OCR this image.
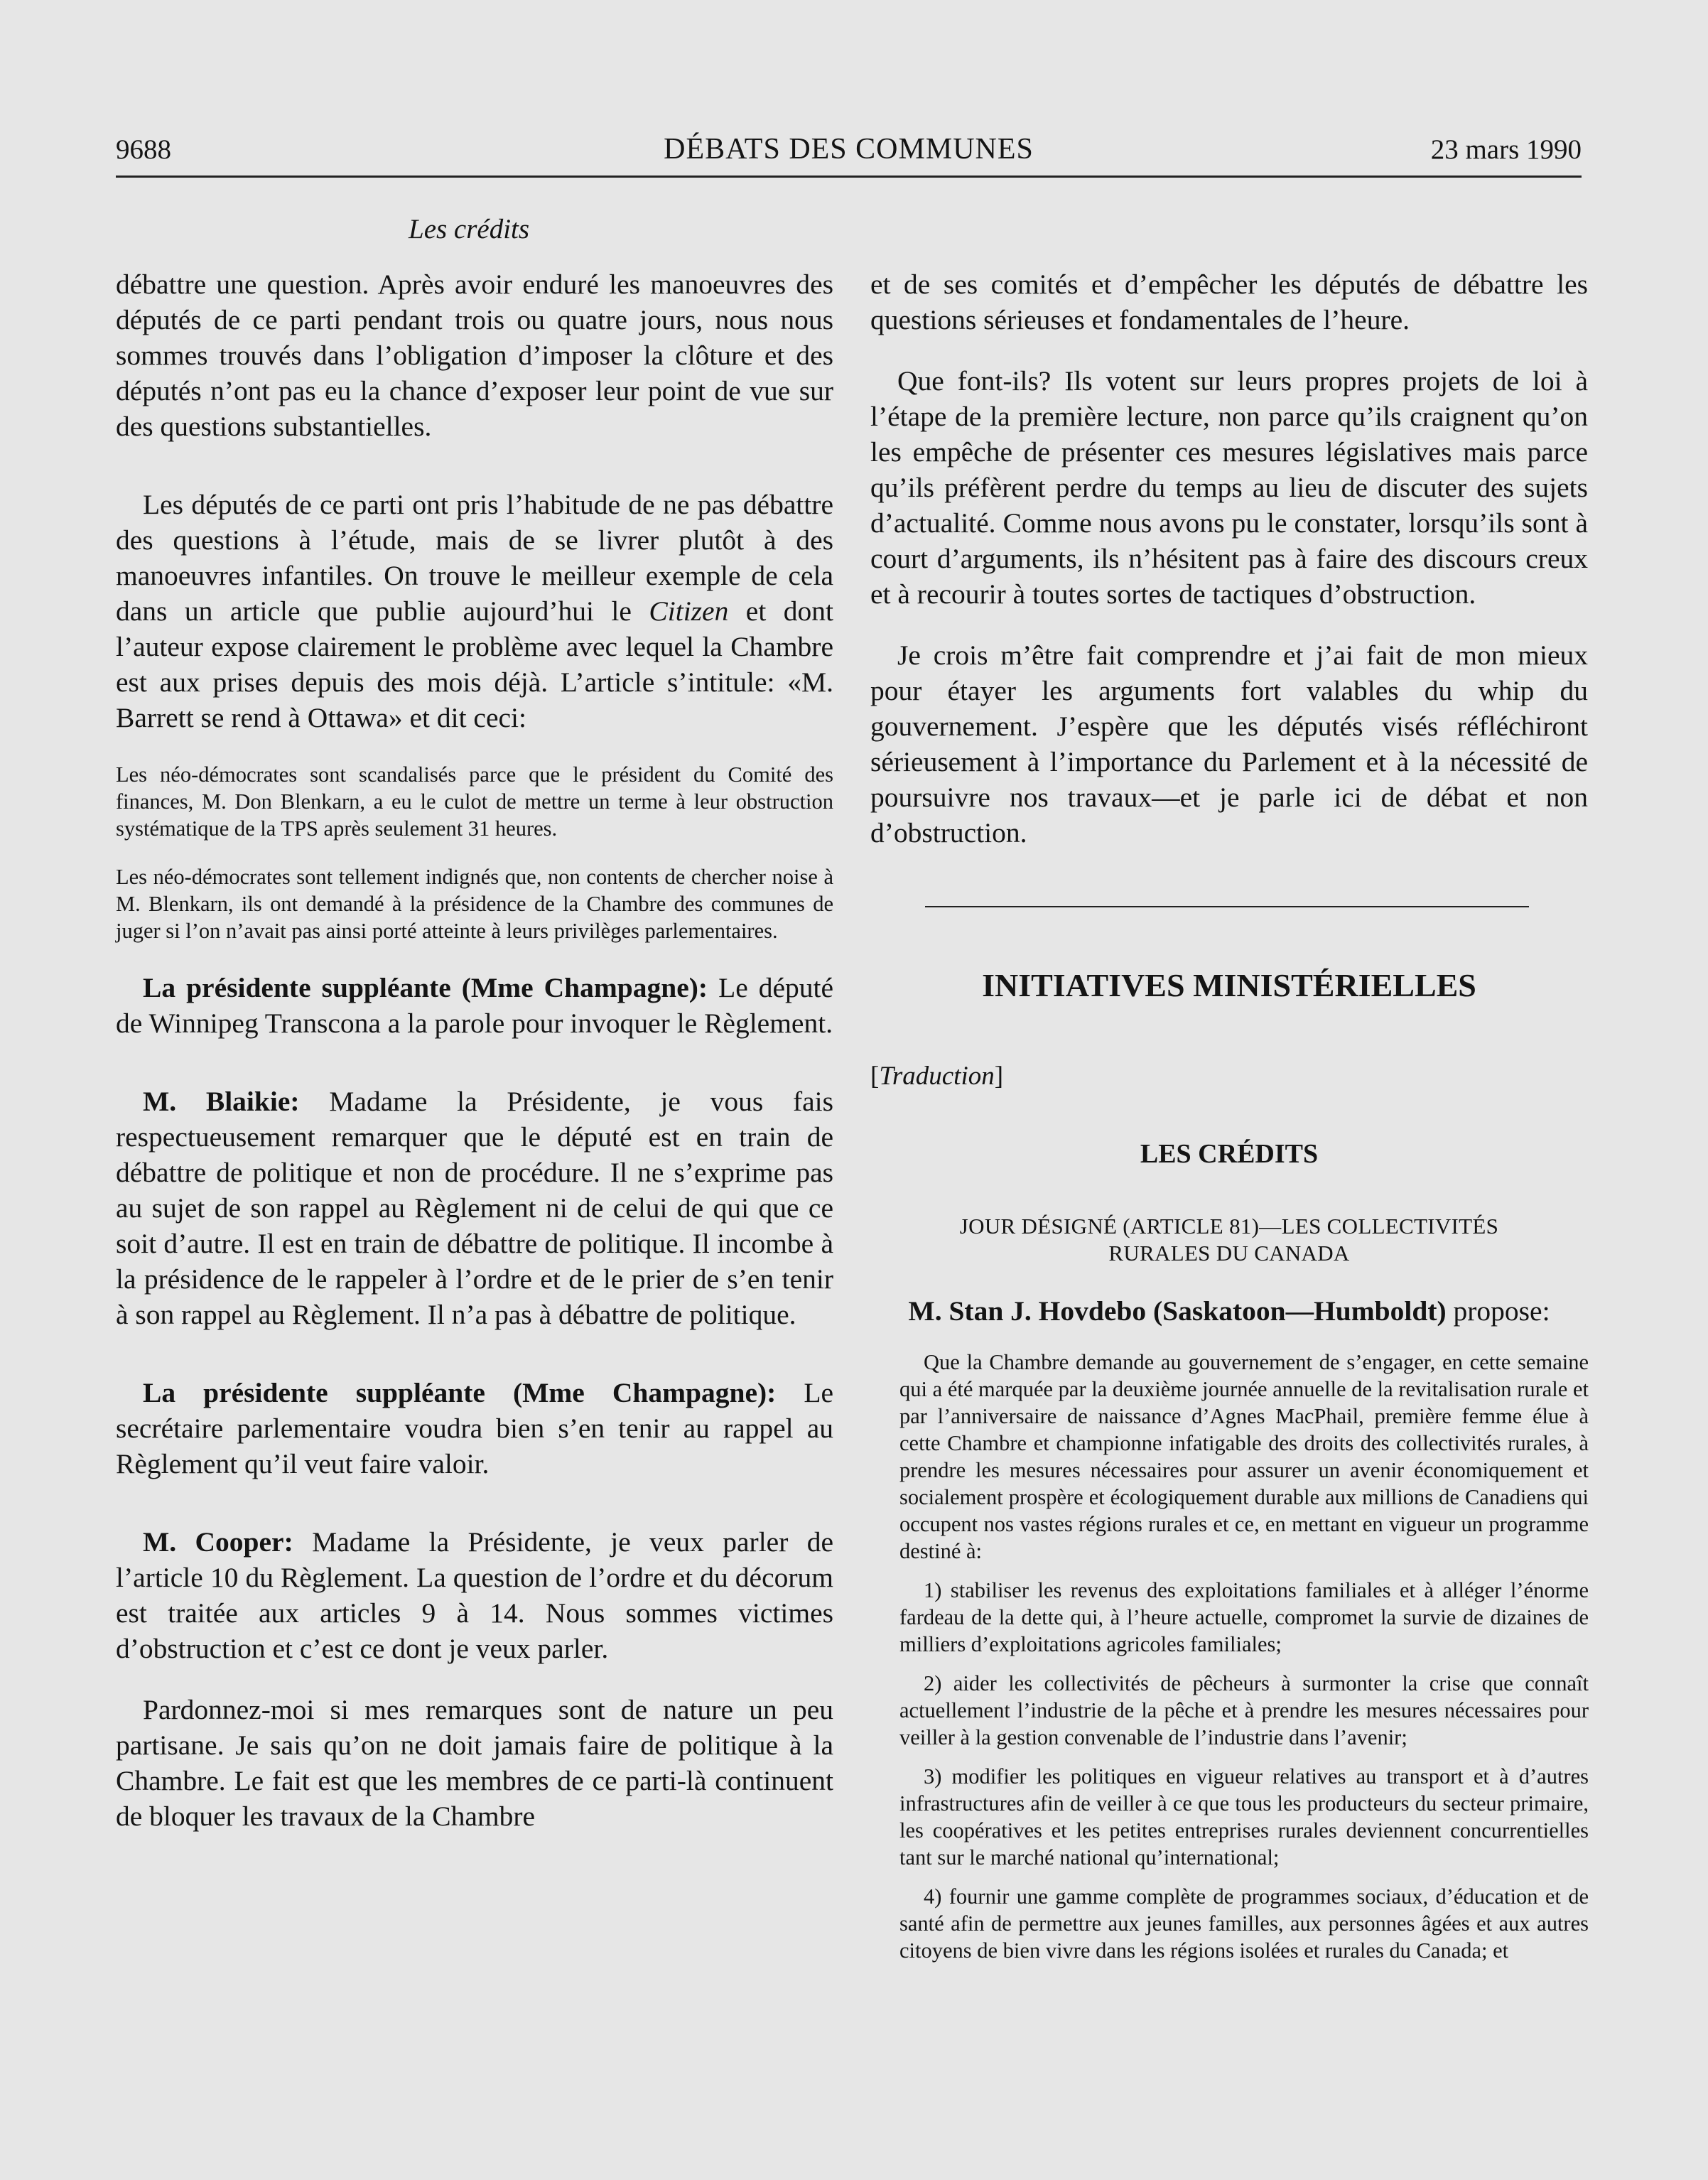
9688	DÉBATS DES COMMUNES	23 mars 1990
Les crédits

débattre une question. Après avoir enduré les manoeuvres des députés de ce parti pendant trois ou quatre jours, nous nous sommes trouvés dans l’obligation d’imposer la clôture et des députés n’ont pas eu la chance d’exposer leur point de vue sur des questions substantielles.

Les députés de ce parti ont pris l’habitude de ne pas débattre des questions à l’étude, mais de se livrer plutôt à des manoeuvres infantiles. On trouve le meilleur exemple de cela dans un article que publie aujourd’hui le Citizen et dont l’auteur expose clairement le problème avec lequel la Chambre est aux prises depuis des mois déjà. L’article s’intitule: «M. Barrett se rend à Ottawa» et dit ceci:

Les néo-démocrates sont scandalisés parce que le président du Comité des finances, M. Don Blenkarn, a eu le culot de mettre un terme à leur obstruction systématique de la TPS après seulement 31 heures.

Les néo-démocrates sont tellement indignés que, non contents de chercher noise à M. Blenkarn, ils ont demandé à la présidence de la Chambre des communes de juger si l’on n’avait pas ainsi porté atteinte à leurs privilèges parlementaires.

La présidente suppléante (Mme Champagne): Le député de Winnipeg Transcona a la parole pour invoquer le Règlement.

M. Blaikie: Madame la Présidente, je vous fais respectueusement remarquer que le député est en train de débattre de politique et non de procédure. Il ne s’exprime pas au sujet de son rappel au Règlement ni de celui de qui que ce soit d’autre. Il est en train de débattre de politique. Il incombe à la présidence de le rappeler à l’ordre et de le prier de s’en tenir à son rappel au Règlement. Il n’a pas à débattre de politique.

La présidente suppléante (Mme Champagne): Le secrétaire parlementaire voudra bien s’en tenir au rappel au Règlement qu’il veut faire valoir.

M. Cooper: Madame la Présidente, je veux parler de l’article 10 du Règlement. La question de l’ordre et du décorum est traitée aux articles 9 à 14. Nous sommes victimes d’obstruction et c’est ce dont je veux parler.

Pardonnez-moi si mes remarques sont de nature un peu partisane. Je sais qu’on ne doit jamais faire de politique à la Chambre. Le fait est que les membres de ce parti-là continuent de bloquer les travaux de la Chambre

et de ses comités et d’empêcher les députés de débattre les questions sérieuses et fondamentales de l’heure.

Que font-ils? Ils votent sur leurs propres projets de loi à l’étape de la première lecture, non parce qu’ils craignent qu’on les empêche de présenter ces mesures législatives mais parce qu’ils préfèrent perdre du temps au lieu de discuter des sujets d’actualité. Comme nous avons pu le constater, lorsqu’ils sont à court d’arguments, ils n’hésitent pas à faire des discours creux et à recourir à toutes sortes de tactiques d’obstruction.

Je crois m’être fait comprendre et j’ai fait de mon mieux pour étayer les arguments fort valables du whip du gouvernement. J’espère que les députés visés réfléchiront sérieusement à l’importance du Parlement et à la nécessité de poursuivre nos travaux—et je parle ici de débat et non d’obstruction.

INITIATIVES MINISTÉRIELLES
[Traduction]
LES CRÉDITS
JOUR DÉSIGNÉ (ARTICLE 81)—LES COLLECTIVITÉS
RURALES DU CANADA
M. Stan J. Hovdebo (Saskatoon—Humboldt) propose:

Que la Chambre demande au gouvernement de s’engager, en cette semaine qui a été marquée par la deuxième journée annuelle de la revitalisation rurale et par l’anniversaire de naissance d’Agnes MacPhail, première femme élue à cette Chambre et championne infatigable des droits des collectivités rurales, à prendre les mesures nécessaires pour assurer un avenir économiquement et socialement prospère et écologiquement durable aux millions de Canadiens qui occupent nos vastes régions rurales et ce, en mettant en vigueur un programme destiné à:

1) stabiliser les revenus des exploitations familiales et à alléger l’énorme fardeau de la dette qui, à l’heure actuelle, compromet la survie de dizaines de milliers d’exploitations agricoles familiales;

2) aider les collectivités de pêcheurs à surmonter la crise que connaît actuellement l’industrie de la pêche et à prendre les mesures nécessaires pour veiller à la gestion convenable de l’industrie dans l’avenir;

3) modifier les politiques en vigueur relatives au transport et à d’autres infrastructures afin de veiller à ce que tous les producteurs du secteur primaire, les coopératives et les petites entreprises rurales deviennent concurrentielles tant sur le marché national qu’international;

4) fournir une gamme complète de programmes sociaux, d’éducation et de santé afin de permettre aux jeunes familles, aux personnes âgées et aux autres citoyens de bien vivre dans les régions isolées et rurales du Canada; et
